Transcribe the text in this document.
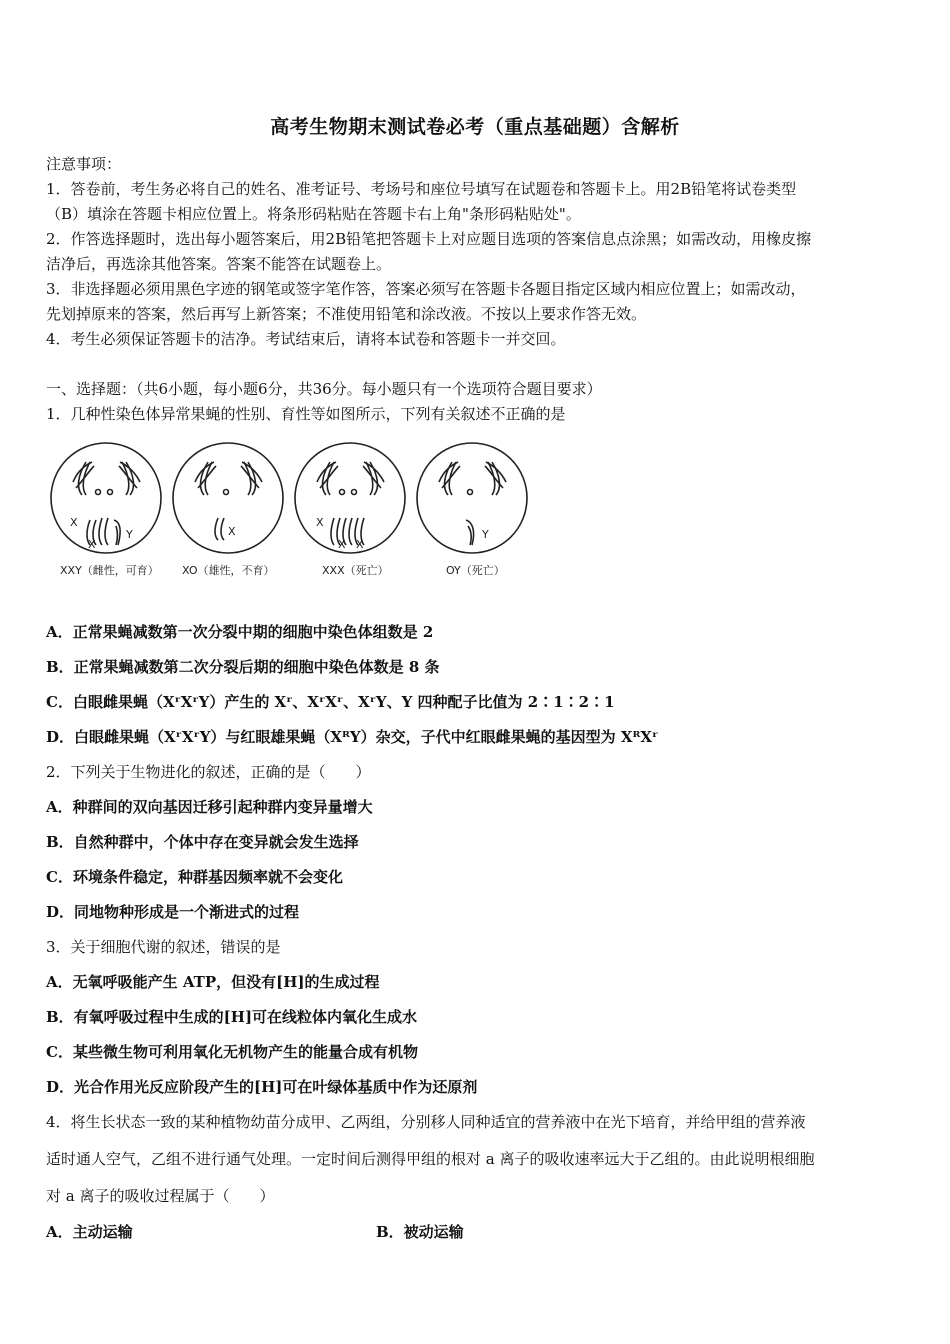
高考生物期末测试卷必考（重点基础题）含解析
注意事项：
1．答卷前，考生务必将自己的姓名、准考证号、考场号和座位号填写在试题卷和答题卡上。用2B铅笔将试卷类型
（B）填涂在答题卡相应位置上。将条形码粘贴在答题卡右上角"条形码粘贴处"。
2．作答选择题时，选出每小题答案后，用2B铅笔把答题卡上对应题目选项的答案信息点涂黑；如需改动，用橡皮擦
洁净后，再选涂其他答案。答案不能答在试题卷上。
3．非选择题必须用黑色字迹的钢笔或签字笔作答，答案必须写在答题卡各题目指定区域内相应位置上；如需改动，
先划掉原来的答案，然后再写上新答案；不准使用铅笔和涂改液。不按以上要求作答无效。
4．考生必须保证答题卡的洁净。考试结束后，请将本试卷和答题卡一并交回。
一、选择题：（共6小题，每小题6分，共36分。每小题只有一个选项符合题目要求）
1．几种性染色体异常果蝇的性别、育性等如图所示，下列有关叙述不正确的是
X
X
Y	X
X
X X
Y
XXY（雌性，可育） XO（雄性，不育）	XXX（死亡）	OY（死亡）
A．正常果蝇减数第一次分裂中期的细胞中染色体组数是 2
B．正常果蝇减数第二次分裂后期的细胞中染色体数是 8 条
C．白眼雌果蝇（XʳXʳY）产生的 Xʳ、XʳXʳ、XʳY、Y 四种配子比值为 2∶1∶2∶1
D．白眼雌果蝇（XʳXʳY）与红眼雄果蝇（XᴿY）杂交，子代中红眼雌果蝇的基因型为 XᴿXʳ
2．下列关于生物进化的叙述，正确的是（　　）
A．种群间的双向基因迁移引起种群内变异量增大
B．自然种群中，个体中存在变异就会发生选择
C．环境条件稳定，种群基因频率就不会变化
D．同地物种形成是一个渐进式的过程
3．关于细胞代谢的叙述，错误的是
A．无氧呼吸能产生 ATP，但没有[H]的生成过程
B．有氧呼吸过程中生成的[H]可在线粒体内氧化生成水
C．某些微生物可利用氧化无机物产生的能量合成有机物
D．光合作用光反应阶段产生的[H]可在叶绿体基质中作为还原剂
4．将生长状态一致的某种植物幼苗分成甲、乙两组，分别移人同种适宜的营养液中在光下培育，并给甲组的营养液
适时通人空气，乙组不进行通气处理。一定时间后测得甲组的根对 a 离子的吸收速率远大于乙组的。由此说明根细胞
对 a 离子的吸收过程属于（　　）
A．主动运输	B．被动运输
